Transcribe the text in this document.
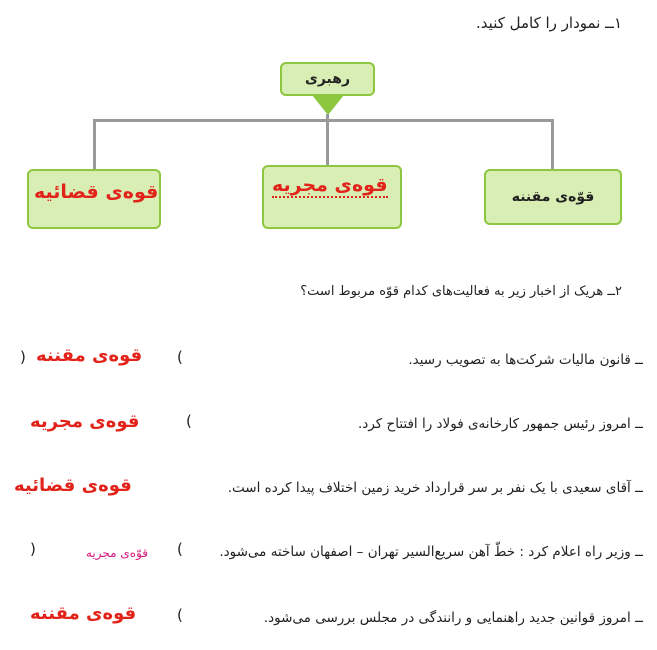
۱ــ نمودار را کامل کنید.
رهبری
قوّه‌ی مقننه
قوه‌ی مجریه
قوه‌ی قضائیه
۲ــ هریک از اخبار زیر به فعالیت‌های کدام قوّه مربوط است؟
ــ قانون مالیات شرکت‌ها به تصویب رسید.
(
قوه‌ی مقننه
)
ــ امروز رئیس جمهور کارخانه‌ی فولاد را افتتاح کرد.
(
قوه‌ی مجریه
ــ آقای سعیدی با یک نفر بر سر قرارداد خرید زمین اختلاف پیدا کرده است.
قوه‌ی قضائیه
ــ وزیر راه اعلام کرد : خطّ آهن سریع‌السیر تهران – اصفهان ساخته می‌شود.
(
قوّه‌ی مجریه
)
ــ امروز قوانین جدید راهنمایی و رانندگی در مجلس بررسی می‌شود.
(
قوه‌ی مقننه
